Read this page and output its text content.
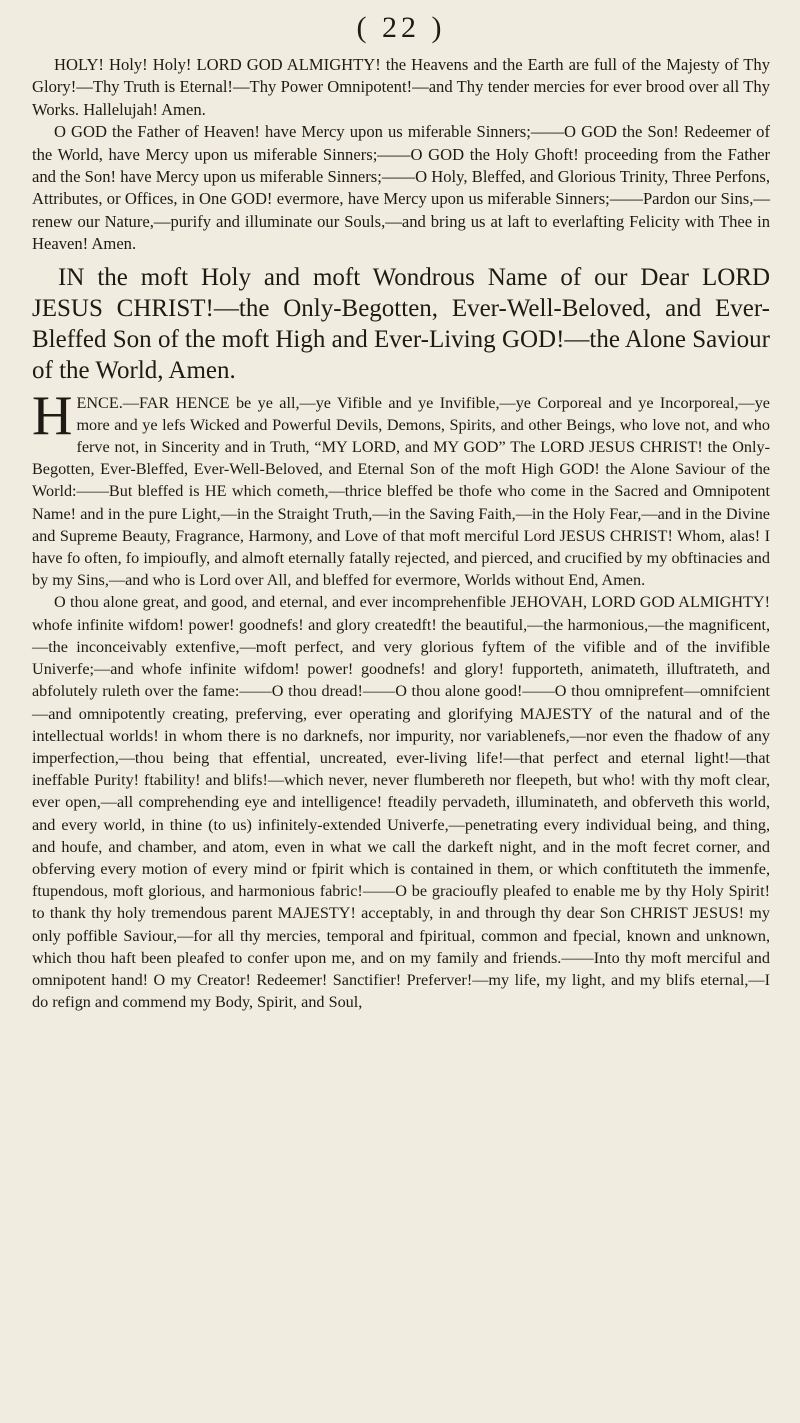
( 22 )

HOLY! Holy! Holy! LORD GOD ALMIGHTY! the Heavens and the Earth are full of the Majesty of Thy Glory!—Thy Truth is Eternal!—Thy Power Omnipotent!—and Thy tender mercies for ever brood over all Thy Works. Hallelujah! Amen.

O GOD the Father of Heaven! have Mercy upon us miferable Sinners;——O GOD the Son! Redeemer of the World, have Mercy upon us miferable Sinners;——O GOD the Holy Ghoft! proceeding from the Father and the Son! have Mercy upon us miferable Sinners;——O Holy, Bleffed, and Glorious Trinity, Three Perfons, Attributes, or Offices, in One GOD! evermore, have Mercy upon us miferable Sinners;——Pardon our Sins,—renew our Nature,—purify and illuminate our Souls,—and bring us at laft to everlafting Felicity with Thee in Heaven! Amen.

IN the moft Holy and moft Wondrous Name of our Dear LORD JESUS CHRIST!—the Only-Begotten, Ever-Well-Beloved, and Ever-Bleffed Son of the moft High and Ever-Living GOD!—the Alone Saviour of the World, Amen.

HENCE.—FAR HENCE be ye all,—ye Vifible and ye Invifible,—ye Corporeal and ye Incorporeal,—ye more and ye lefs Wicked and Powerful Devils, Demons, Spirits, and other Beings, who love not, and who ferve not, in Sincerity and in Truth, “MY LORD, and MY GOD” The LORD JESUS CHRIST! the Only-Begotten, Ever-Bleffed, Ever-Well-Beloved, and Eternal Son of the moft High GOD! the Alone Saviour of the World:——But bleffed is HE which cometh,—thrice bleffed be thofe who come in the Sacred and Omnipotent Name! and in the pure Light,—in the Straight Truth,—in the Saving Faith,—in the Holy Fear,—and in the Divine and Supreme Beauty, Fragrance, Harmony, and Love of that moft merciful Lord JESUS CHRIST! Whom, alas! I have fo often, fo impioufly, and almoft eternally fatally rejected, and pierced, and crucified by my obftinacies and by my Sins,—and who is Lord over All, and bleffed for evermore, Worlds without End, Amen.

O thou alone great, and good, and eternal, and ever incomprehenfible JEHOVAH, LORD GOD ALMIGHTY! whofe infinite wifdom! power! goodnefs! and glory createdft! the beautiful,—the harmonious,—the magnificent,—the inconceivably extenfive,—moft perfect, and very glorious fyftem of the vifible and of the invifible Univerfe;—and whofe infinite wifdom! power! goodnefs! and glory! fupporteth, animateth, illuftrateth, and abfolutely ruleth over the fame:——O thou dread!——O thou alone good!——O thou omniprefent—omnifcient—and omnipotently creating, preferving, ever operating and glorifying MAJESTY of the natural and of the intellectual worlds! in whom there is no darknefs, nor impurity, nor variablenefs,—nor even the fhadow of any imperfection,—thou being that effential, uncreated, ever-living life!—that perfect and eternal light!—that ineffable Purity! ftability! and blifs!—which never, never flumbereth nor fleepeth, but who! with thy moft clear, ever open,—all comprehending eye and intelligence! fteadily pervadeth, illuminateth, and obferveth this world, and every world, in thine (to us) infinitely-extended Univerfe,—penetrating every individual being, and thing, and houfe, and chamber, and atom, even in what we call the darkeft night, and in the moft fecret corner, and obferving every motion of every mind or fpirit which is contained in them, or which conftituteth the immenfe, ftupendous, moft glorious, and harmonious fabric!——O be gracioufly pleafed to enable me by thy Holy Spirit! to thank thy holy tremendous parent MAJESTY! acceptably, in and through thy dear Son CHRIST JESUS! my only poffible Saviour,—for all thy mercies, temporal and fpiritual, common and fpecial, known and unknown, which thou haft been pleafed to confer upon me, and on my family and friends.——Into thy moft merciful and omnipotent hand! O my Creator! Redeemer! Sanctifier! Preferver!—my life, my light, and my blifs eternal,—I do refign and commend my Body, Spirit, and Soul,
